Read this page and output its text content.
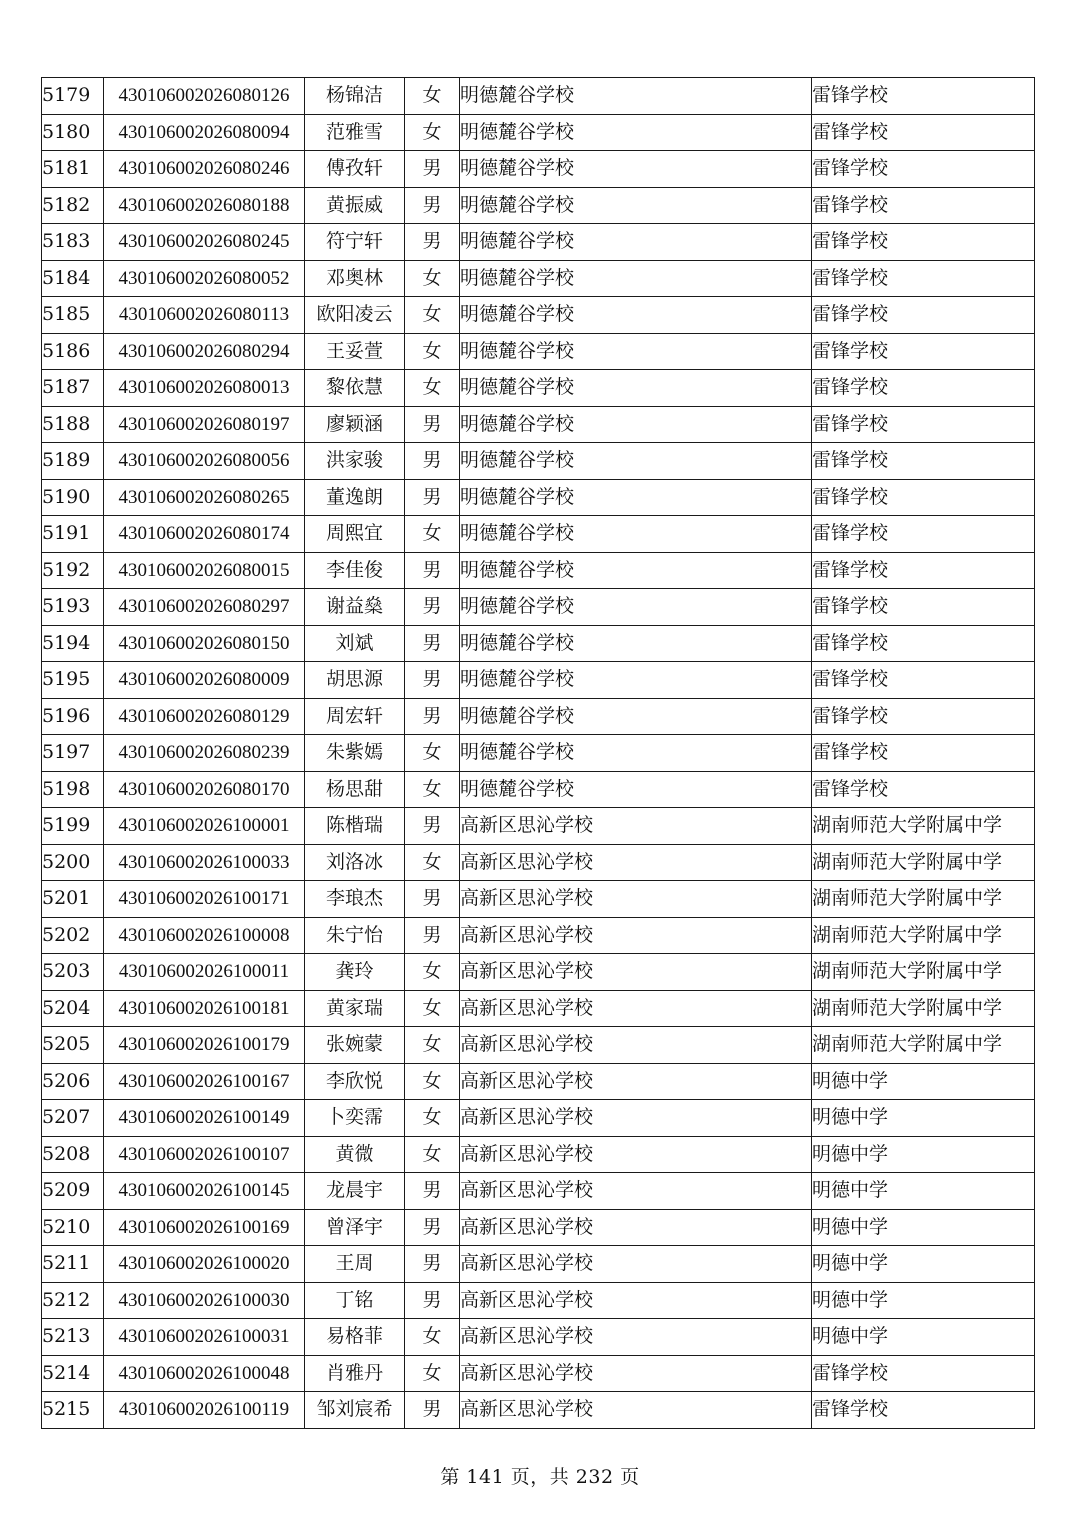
5179	430106002026080126	杨锦洁	女	明德麓谷学校	雷锋学校
5180	430106002026080094	范雅雪	女	明德麓谷学校	雷锋学校
5181	430106002026080246	傅孜轩	男	明德麓谷学校	雷锋学校
5182	430106002026080188	黄振威	男	明德麓谷学校	雷锋学校
5183	430106002026080245	符宁轩	男	明德麓谷学校	雷锋学校
5184	430106002026080052	邓奥林	女	明德麓谷学校	雷锋学校
5185	430106002026080113	欧阳凌云	女	明德麓谷学校	雷锋学校
5186	430106002026080294	王妥萱	女	明德麓谷学校	雷锋学校
5187	430106002026080013	黎依慧	女	明德麓谷学校	雷锋学校
5188	430106002026080197	廖颖涵	男	明德麓谷学校	雷锋学校
5189	430106002026080056	洪家骏	男	明德麓谷学校	雷锋学校
5190	430106002026080265	董逸朗	男	明德麓谷学校	雷锋学校
5191	430106002026080174	周熙宜	女	明德麓谷学校	雷锋学校
5192	430106002026080015	李佳俊	男	明德麓谷学校	雷锋学校
5193	430106002026080297	谢益燊	男	明德麓谷学校	雷锋学校
5194	430106002026080150	刘斌	男	明德麓谷学校	雷锋学校
5195	430106002026080009	胡思源	男	明德麓谷学校	雷锋学校
5196	430106002026080129	周宏轩	男	明德麓谷学校	雷锋学校
5197	430106002026080239	朱紫嫣	女	明德麓谷学校	雷锋学校
5198	430106002026080170	杨思甜	女	明德麓谷学校	雷锋学校
5199	430106002026100001	陈楷瑞	男	高新区思沁学校	湖南师范大学附属中学
5200	430106002026100033	刘洛冰	女	高新区思沁学校	湖南师范大学附属中学
5201	430106002026100171	李琅杰	男	高新区思沁学校	湖南师范大学附属中学
5202	430106002026100008	朱宁怡	男	高新区思沁学校	湖南师范大学附属中学
5203	430106002026100011	龚玲	女	高新区思沁学校	湖南师范大学附属中学
5204	430106002026100181	黄家瑞	女	高新区思沁学校	湖南师范大学附属中学
5205	430106002026100179	张婉蒙	女	高新区思沁学校	湖南师范大学附属中学
5206	430106002026100167	李欣悦	女	高新区思沁学校	明德中学
5207	430106002026100149	卜奕霈	女	高新区思沁学校	明德中学
5208	430106002026100107	黄微	女	高新区思沁学校	明德中学
5209	430106002026100145	龙晨宇	男	高新区思沁学校	明德中学
5210	430106002026100169	曾泽宇	男	高新区思沁学校	明德中学
5211	430106002026100020	王周	男	高新区思沁学校	明德中学
5212	430106002026100030	丁铭	男	高新区思沁学校	明德中学
5213	430106002026100031	易格菲	女	高新区思沁学校	明德中学
5214	430106002026100048	肖雅丹	女	高新区思沁学校	雷锋学校
5215	430106002026100119	邹刘宸希	男	高新区思沁学校	雷锋学校
第 141 页，共 232 页
